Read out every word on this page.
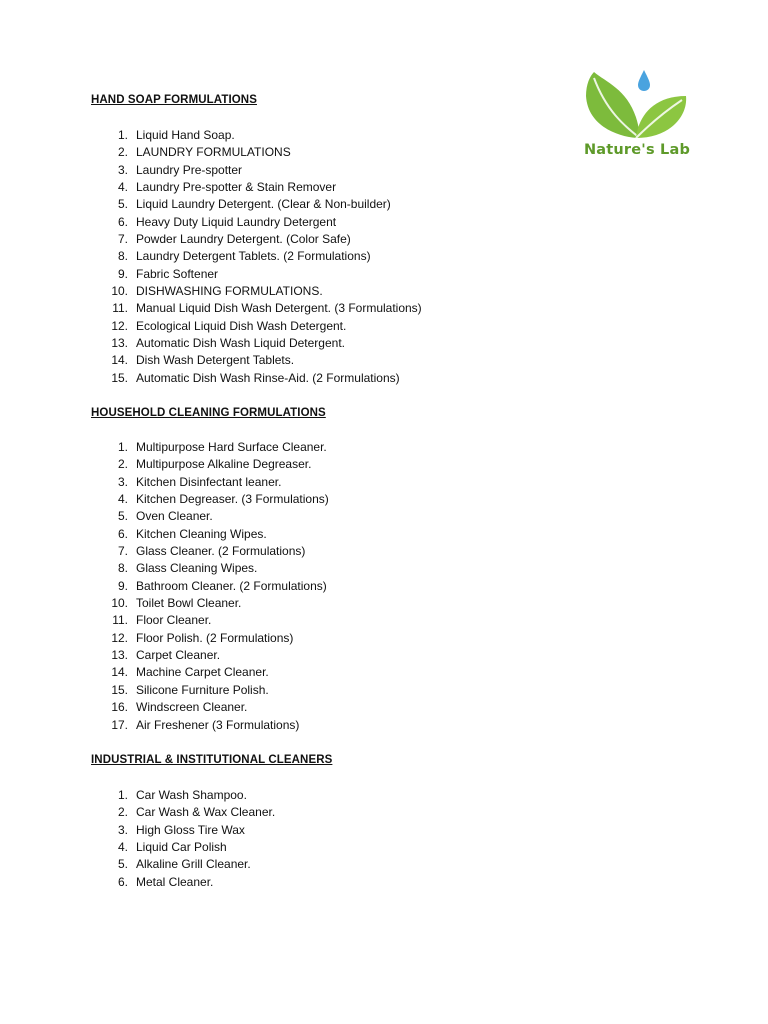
Nature's Lab
HAND SOAP FORMULATIONS
1. Liquid Hand Soap.
2. LAUNDRY FORMULATIONS
3. Laundry Pre-spotter
4. Laundry Pre-spotter & Stain Remover
5. Liquid Laundry Detergent. (Clear & Non-builder)
6. Heavy Duty Liquid Laundry Detergent
7. Powder Laundry Detergent. (Color Safe)
8. Laundry Detergent Tablets. (2 Formulations)
9. Fabric Softener
10. DISHWASHING FORMULATIONS.
11. Manual Liquid Dish Wash Detergent. (3 Formulations)
12. Ecological Liquid Dish Wash Detergent.
13. Automatic Dish Wash Liquid Detergent.
14. Dish Wash Detergent Tablets.
15. Automatic Dish Wash Rinse-Aid. (2 Formulations)
HOUSEHOLD CLEANING FORMULATIONS
1. Multipurpose Hard Surface Cleaner.
2. Multipurpose Alkaline Degreaser.
3. Kitchen Disinfectant leaner.
4. Kitchen Degreaser. (3 Formulations)
5. Oven Cleaner.
6. Kitchen Cleaning Wipes.
7. Glass Cleaner. (2 Formulations)
8. Glass Cleaning Wipes.
9. Bathroom Cleaner. (2 Formulations)
10. Toilet Bowl Cleaner.
11. Floor Cleaner.
12. Floor Polish. (2 Formulations)
13. Carpet Cleaner.
14. Machine Carpet Cleaner.
15. Silicone Furniture Polish.
16. Windscreen Cleaner.
17. Air Freshener (3 Formulations)
INDUSTRIAL & INSTITUTIONAL CLEANERS
1. Car Wash Shampoo.
2. Car Wash & Wax Cleaner.
3. High Gloss Tire Wax
4. Liquid Car Polish
5. Alkaline Grill Cleaner.
6. Metal Cleaner.
